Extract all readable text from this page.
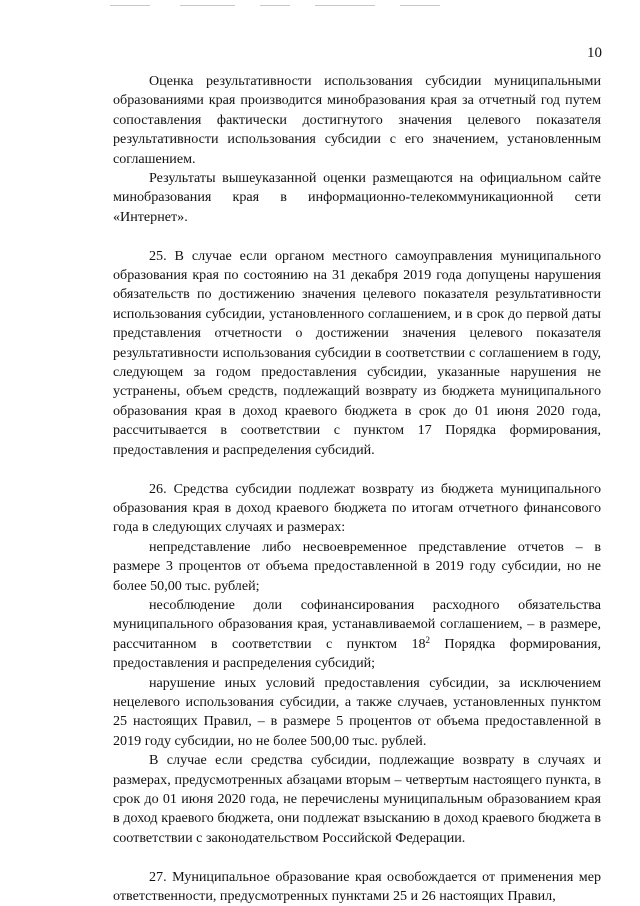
10

Оценка результативности использования субсидии муниципальными образованиями края производится минобразования края за отчетный год путем сопоставления фактически достигнутого значения целевого показателя результативности использования субсидии с его значением, установленным соглашением.

Результаты вышеуказанной оценки размещаются на официальном сайте минобразования края в информационно-телекоммуникационной сети «Интернет».

25. В случае если органом местного самоуправления муниципального образования края по состоянию на 31 декабря 2019 года допущены нарушения обязательств по достижению значения целевого показателя результативности использования субсидии, установленного соглашением, и в срок до первой даты представления отчетности о достижении значения целевого показателя результативности использования субсидии в соответствии с соглашением в году, следующем за годом предоставления субсидии, указанные нарушения не устранены, объем средств, подлежащий возврату из бюджета муниципального образования края в доход краевого бюджета в срок до 01 июня 2020 года, рассчитывается в соответствии с пунктом 17 Порядка формирования, предоставления и распределения субсидий.

26. Средства субсидии подлежат возврату из бюджета муниципального образования края в доход краевого бюджета по итогам отчетного финансового года в следующих случаях и размерах:

непредставление либо несвоевременное представление отчетов – в размере 3 процентов от объема предоставленной в 2019 году субсидии, но не более 50,00 тыс. рублей;

несоблюдение доли софинансирования расходного обязательства муниципального образования края, устанавливаемой соглашением, – в размере, рассчитанном в соответствии с пунктом $18^2$ Порядка формирования, предоставления и распределения субсидий;

нарушение иных условий предоставления субсидии, за исключением нецелевого использования субсидии, а также случаев, установленных пунктом 25 настоящих Правил, – в размере 5 процентов от объема предоставленной в 2019 году субсидии, но не более 500,00 тыс. рублей.

В случае если средства субсидии, подлежащие возврату в случаях и размерах, предусмотренных абзацами вторым – четвертым настоящего пункта, в срок до 01 июня 2020 года, не перечислены муниципальным образованием края в доход краевого бюджета, они подлежат взысканию в доход краевого бюджета в соответствии с законодательством Российской Федерации.

27. Муниципальное образование края освобождается от применения мер ответственности, предусмотренных пунктами 25 и 26 настоящих Правил,
